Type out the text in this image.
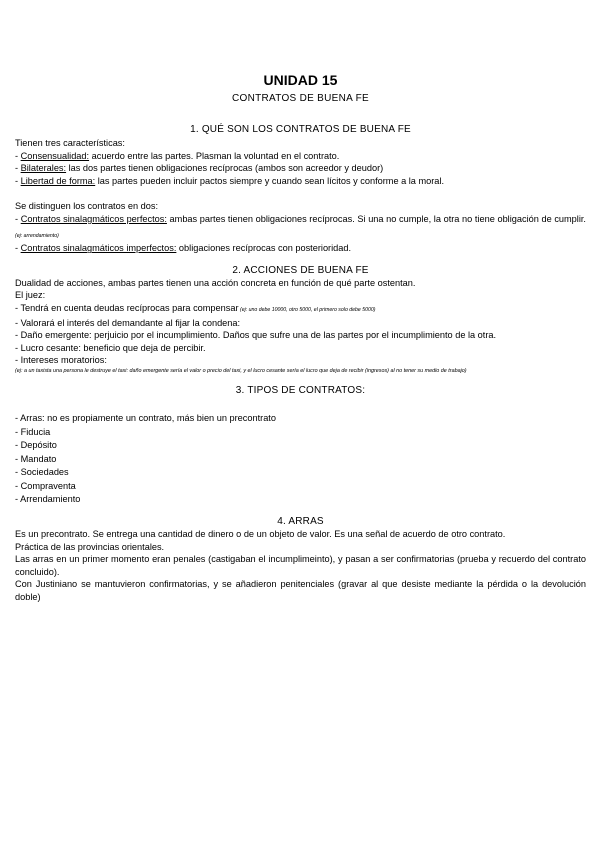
UNIDAD 15
CONTRATOS DE BUENA FE
1. QUÉ SON LOS CONTRATOS DE BUENA FE
Tienen tres características:
- Consensualidad: acuerdo entre las partes. Plasman la voluntad en el contrato.
- Bilaterales: las dos partes tienen obligaciones recíprocas (ambos son acreedor y deudor)
- Libertad de forma: las partes pueden incluir pactos siempre y cuando sean lícitos y conforme a la moral.
Se distinguen los contratos en dos:
- Contratos sinalagmáticos perfectos: ambas partes tienen obligaciones recíprocas. Si una no cumple, la otra no tiene obligación de cumplir. (ej: arrendamiento)
- Contratos sinalagmáticos imperfectos: obligaciones recíprocas con posterioridad.
2. ACCIONES DE BUENA FE
Dualidad de acciones, ambas partes tienen una acción concreta en función de qué parte ostentan.
El juez:
- Tendrá en cuenta deudas recíprocas para compensar (ej: uno debe 10000, otro 5000, el primero solo debe 5000)
- Valorará el interés del demandante al fijar la condena:
- Daño emergente: perjuicio por el incumplimiento. Daños que sufre una de las partes por el incumplimiento de la otra.
- Lucro cesante: beneficio que deja de percibir.
- Intereses moratorios:
(ej: a un taxista una persona le destruye el taxi: daño emergente sería el valor o precio del taxi, y el lucro cesante sería el lucro que deja de recibir (ingresos) al no tener su medio de trabajo)
3. TIPOS DE CONTRATOS:
- Arras: no es propiamente un contrato, más bien un precontrato
- Fiducia
- Depósito
- Mandato
- Sociedades
- Compraventa
- Arrendamiento
4. ARRAS
Es un precontrato. Se entrega una cantidad de dinero o de un objeto de valor. Es una señal de acuerdo de otro contrato.
Práctica de las provincias orientales.
Las arras en un primer momento eran penales (castigaban el incumplimeinto), y pasan a ser confirmatorias (prueba y recuerdo del contrato concluido).
Con Justiniano se mantuvieron confirmatorias, y se añadieron penitenciales (gravar al que desiste mediante la pérdida o la devolución doble)
